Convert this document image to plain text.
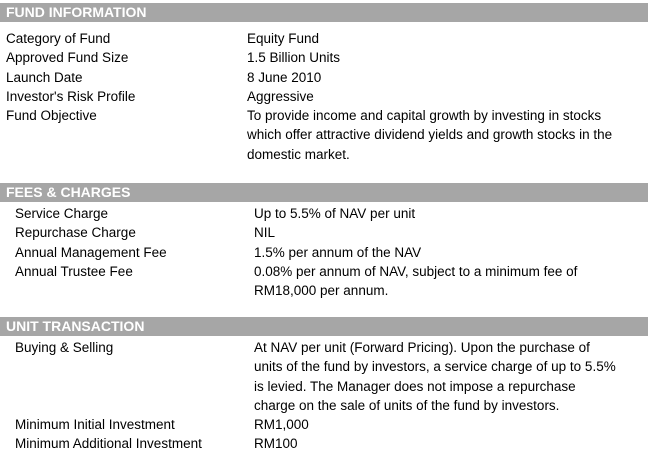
FUND INFORMATION
Category of Fund	Equity Fund
Approved Fund Size	1.5 Billion Units
Launch Date	8 June 2010
Investor's Risk Profile	Aggressive
Fund Objective	To provide income and capital growth by investing in stocks which offer attractive dividend yields and growth stocks in the domestic market.
FEES & CHARGES
Service Charge	Up to 5.5% of NAV per unit
Repurchase Charge	NIL
Annual Management Fee	1.5% per annum of the NAV
Annual Trustee Fee	0.08% per annum of NAV, subject to a minimum fee of RM18,000 per annum.
UNIT TRANSACTION
Buying & Selling	At NAV per unit (Forward Pricing). Upon the purchase of units of the fund by investors, a service charge of up to 5.5% is levied. The Manager does not impose a repurchase charge on the sale of units of the fund by investors.
Minimum Initial Investment	RM1,000
Minimum Additional Investment	RM100
